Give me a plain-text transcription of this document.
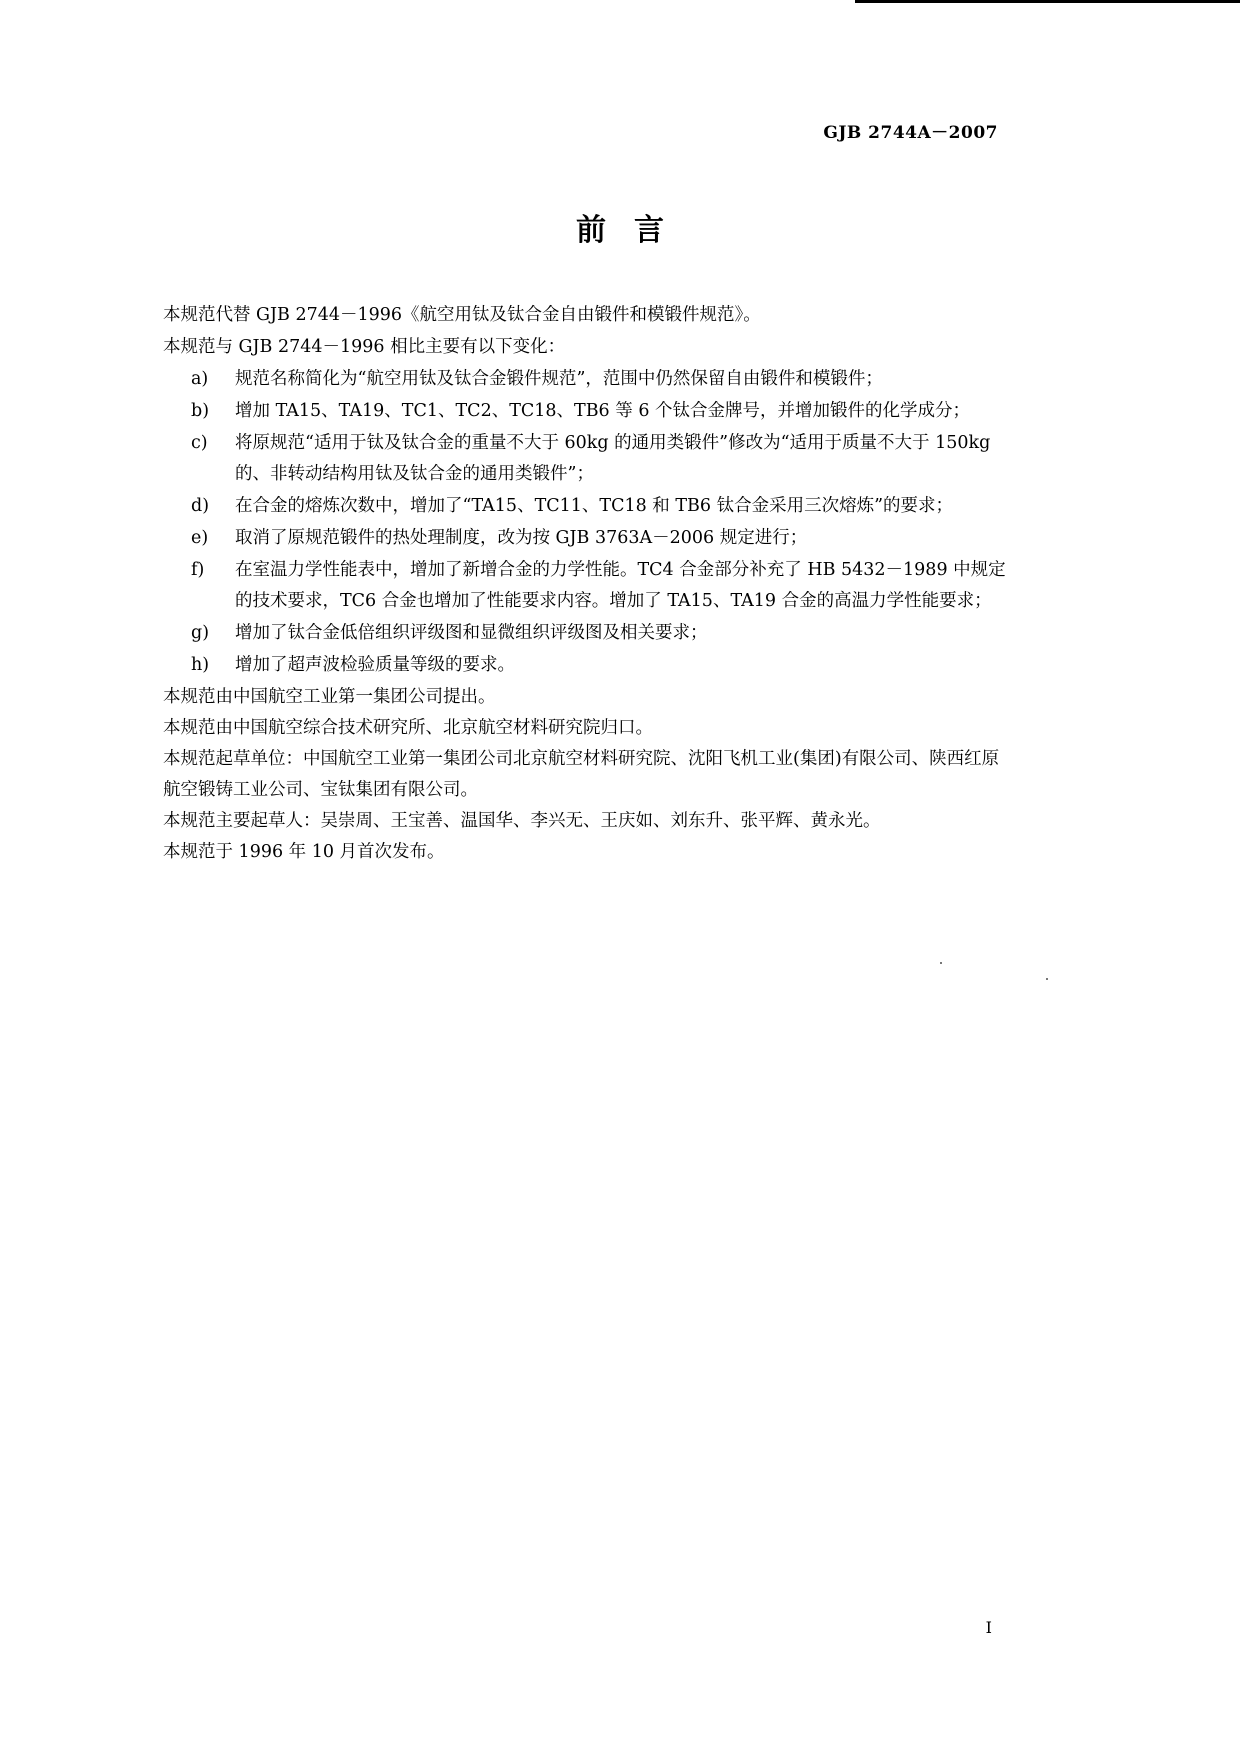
GJB 2744A－2007
前言

本规范代替 GJB 2744－1996《航空用钛及钛合金自由锻件和模锻件规范》。

本规范与 GJB 2744－1996 相比主要有以下变化：

a)	规范名称简化为“航空用钛及钛合金锻件规范”，范围中仍然保留自由锻件和模锻件；
b)	增加 TA15、TA19、TC1、TC2、TC18、TB6 等 6 个钛合金牌号，并增加锻件的化学成分；
c)	将原规范“适用于钛及钛合金的重量不大于 60kg 的通用类锻件”修改为“适用于质量不大于 150kg 的、非转动结构用钛及钛合金的通用类锻件”；
d)	在合金的熔炼次数中，增加了“TA15、TC11、TC18 和 TB6 钛合金采用三次熔炼”的要求；
e)	取消了原规范锻件的热处理制度，改为按 GJB 3763A－2006 规定进行；
f)	在室温力学性能表中，增加了新增合金的力学性能。TC4 合金部分补充了 HB 5432－1989 中规定的技术要求，TC6 合金也增加了性能要求内容。增加了 TA15、TA19 合金的高温力学性能要求；
g)	增加了钛合金低倍组织评级图和显微组织评级图及相关要求；
h)	增加了超声波检验质量等级的要求。

本规范由中国航空工业第一集团公司提出。

本规范由中国航空综合技术研究所、北京航空材料研究院归口。

本规范起草单位：中国航空工业第一集团公司北京航空材料研究院、沈阳飞机工业(集团)有限公司、陕西红原航空锻铸工业公司、宝钛集团有限公司。

本规范主要起草人：吴崇周、王宝善、温国华、李兴无、王庆如、刘东升、张平辉、黄永光。

本规范于 1996 年 10 月首次发布。

I
